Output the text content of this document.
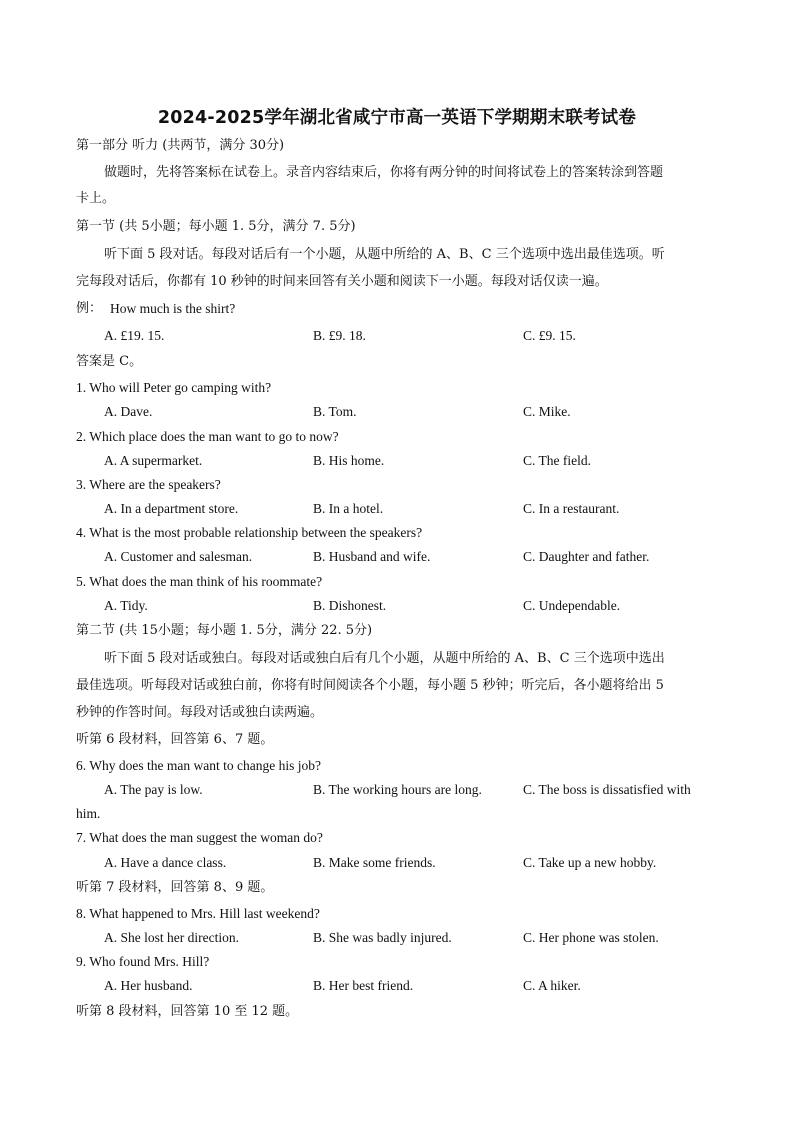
2024-2025学年湖北省咸宁市高一英语下学期期末联考试卷
第一部分 听力 (共两节，满分 30分)
做题时，先将答案标在试卷上。录音内容结束后，你将有两分钟的时间将试卷上的答案转涂到答题
卡上。
第一节 (共 5小题；每小题 1. 5分，满分 7. 5分)
听下面 5 段对话。每段对话后有一个小题，从题中所给的 A、B、C 三个选项中选出最佳选项。听
完每段对话后，你都有 10 秒钟的时间来回答有关小题和阅读下一小题。每段对话仅读一遍。
例： How much is the shirt?
A. £19. 15.	B. £9. 18.	C. £9. 15.
答案是 C。
1. Who will Peter go camping with?
A. Dave.	B. Tom.	C. Mike.
2. Which place does the man want to go to now?
A. A supermarket.	B. His home.	C. The field.
3. Where are the speakers?
A. In a department store.	B. In a hotel.	C. In a restaurant.
4. What is the most probable relationship between the speakers?
A. Customer and salesman.	B. Husband and wife.	C. Daughter and father.
5. What does the man think of his roommate?
A. Tidy.	B. Dishonest.	C. Undependable.
第二节 (共 15小题；每小题 1. 5分，满分 22. 5分)
听下面 5 段对话或独白。每段对话或独白后有几个小题，从题中所给的 A、B、C 三个选项中选出
最佳选项。听每段对话或独白前，你将有时间阅读各个小题，每小题 5 秒钟；听完后，各小题将给出 5
秒钟的作答时间。每段对话或独白读两遍。
听第 6 段材料，回答第 6、7 题。
6. Why does the man want to change his job?
A. The pay is low.	B. The working hours are long.	C. The boss is dissatisfied with
him.
7. What does the man suggest the woman do?
A. Have a dance class.	B. Make some friends.	C. Take up a new hobby.
听第 7 段材料，回答第 8、9 题。
8. What happened to Mrs. Hill last weekend?
A. She lost her direction.	B. She was badly injured.	C. Her phone was stolen.
9. Who found Mrs. Hill?
A. Her husband.	B. Her best friend.	C. A hiker.
听第 8 段材料，回答第 10 至 12 题。
